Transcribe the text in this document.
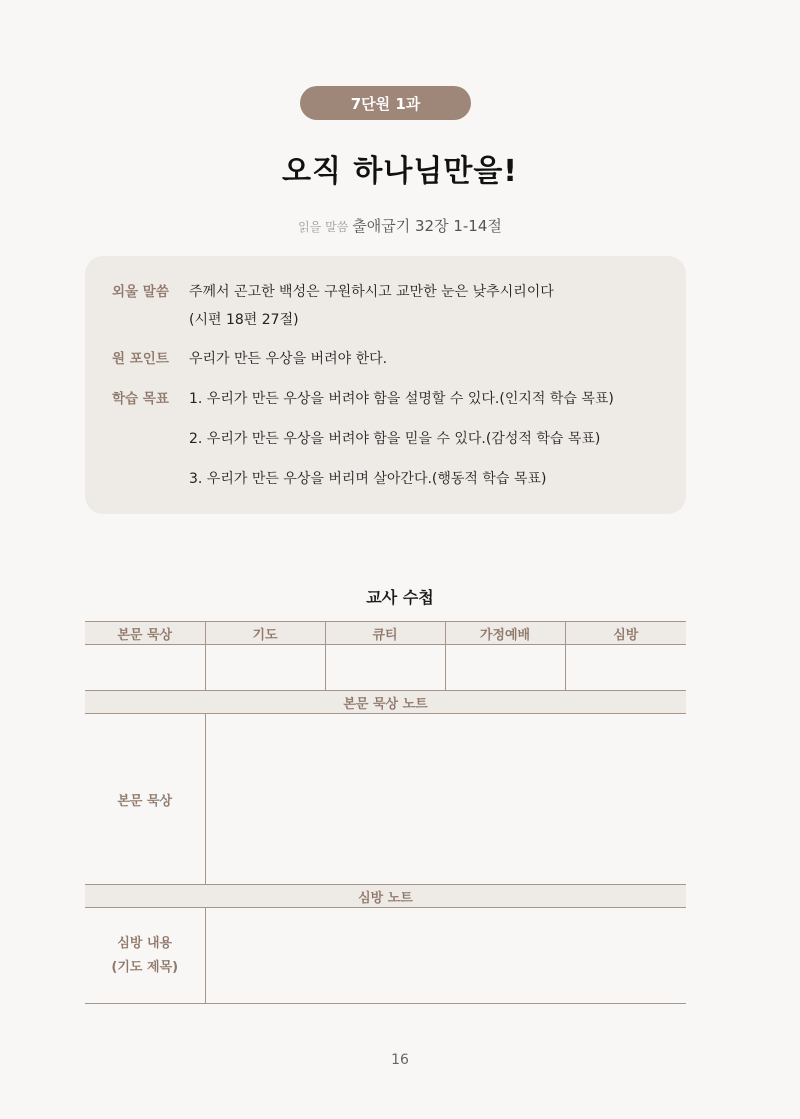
7단원 1과
오직 하나님만을!
읽을 말씀 출애굽기 32장 1-14절
외울 말씀	주께서 곤고한 백성은 구원하시고 교만한 눈은 낮추시리이다
(시편 18편 27절)
원 포인트	우리가 만든 우상을 버려야 한다.
학습 목표	1. 우리가 만든 우상을 버려야 함을 설명할 수 있다.(인지적 학습 목표)
2. 우리가 만든 우상을 버려야 함을 믿을 수 있다.(감성적 학습 목표)
3. 우리가 만든 우상을 버리며 살아간다.(행동적 학습 목표)
교사 수첩
본문 묵상	기도	큐티	가정예배	심방

본문 묵상 노트				
본문 묵상				
심방 노트				

심방 내용
(기도 제목)				

16
